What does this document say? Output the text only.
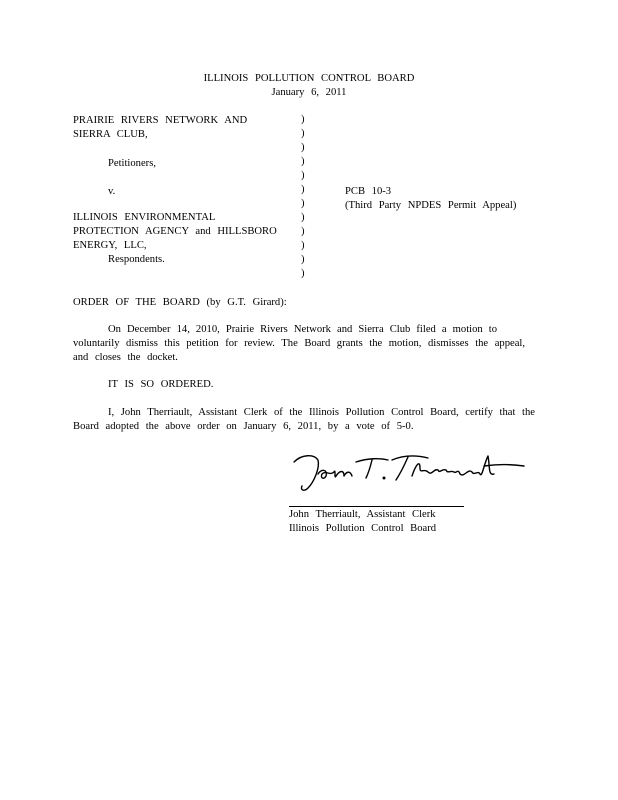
ILLINOIS POLLUTION CONTROL BOARD
January 6, 2011
PRAIRIE RIVERS NETWORK AND
SIERRA CLUB,
Petitioners,
v.
ILLINOIS ENVIRONMENTAL
PROTECTION AGENCY and HILLSBORO
ENERGY, LLC,
Respondents.
)
)
)
)
)
)
)
)
)
)
)
)
PCB 10-3
(Third Party NPDES Permit Appeal)
ORDER OF THE BOARD (by G.T. Girard):
On December 14, 2010, Prairie Rivers Network and Sierra Club filed a motion to
voluntarily dismiss this petition for review. The Board grants the motion, dismisses the appeal,
and closes the docket.
IT IS SO ORDERED.
I, John Therriault, Assistant Clerk of the Illinois Pollution Control Board, certify that the
Board adopted the above order on January 6, 2011, by a vote of 5-0.
John Therriault, Assistant Clerk
Illinois Pollution Control Board
